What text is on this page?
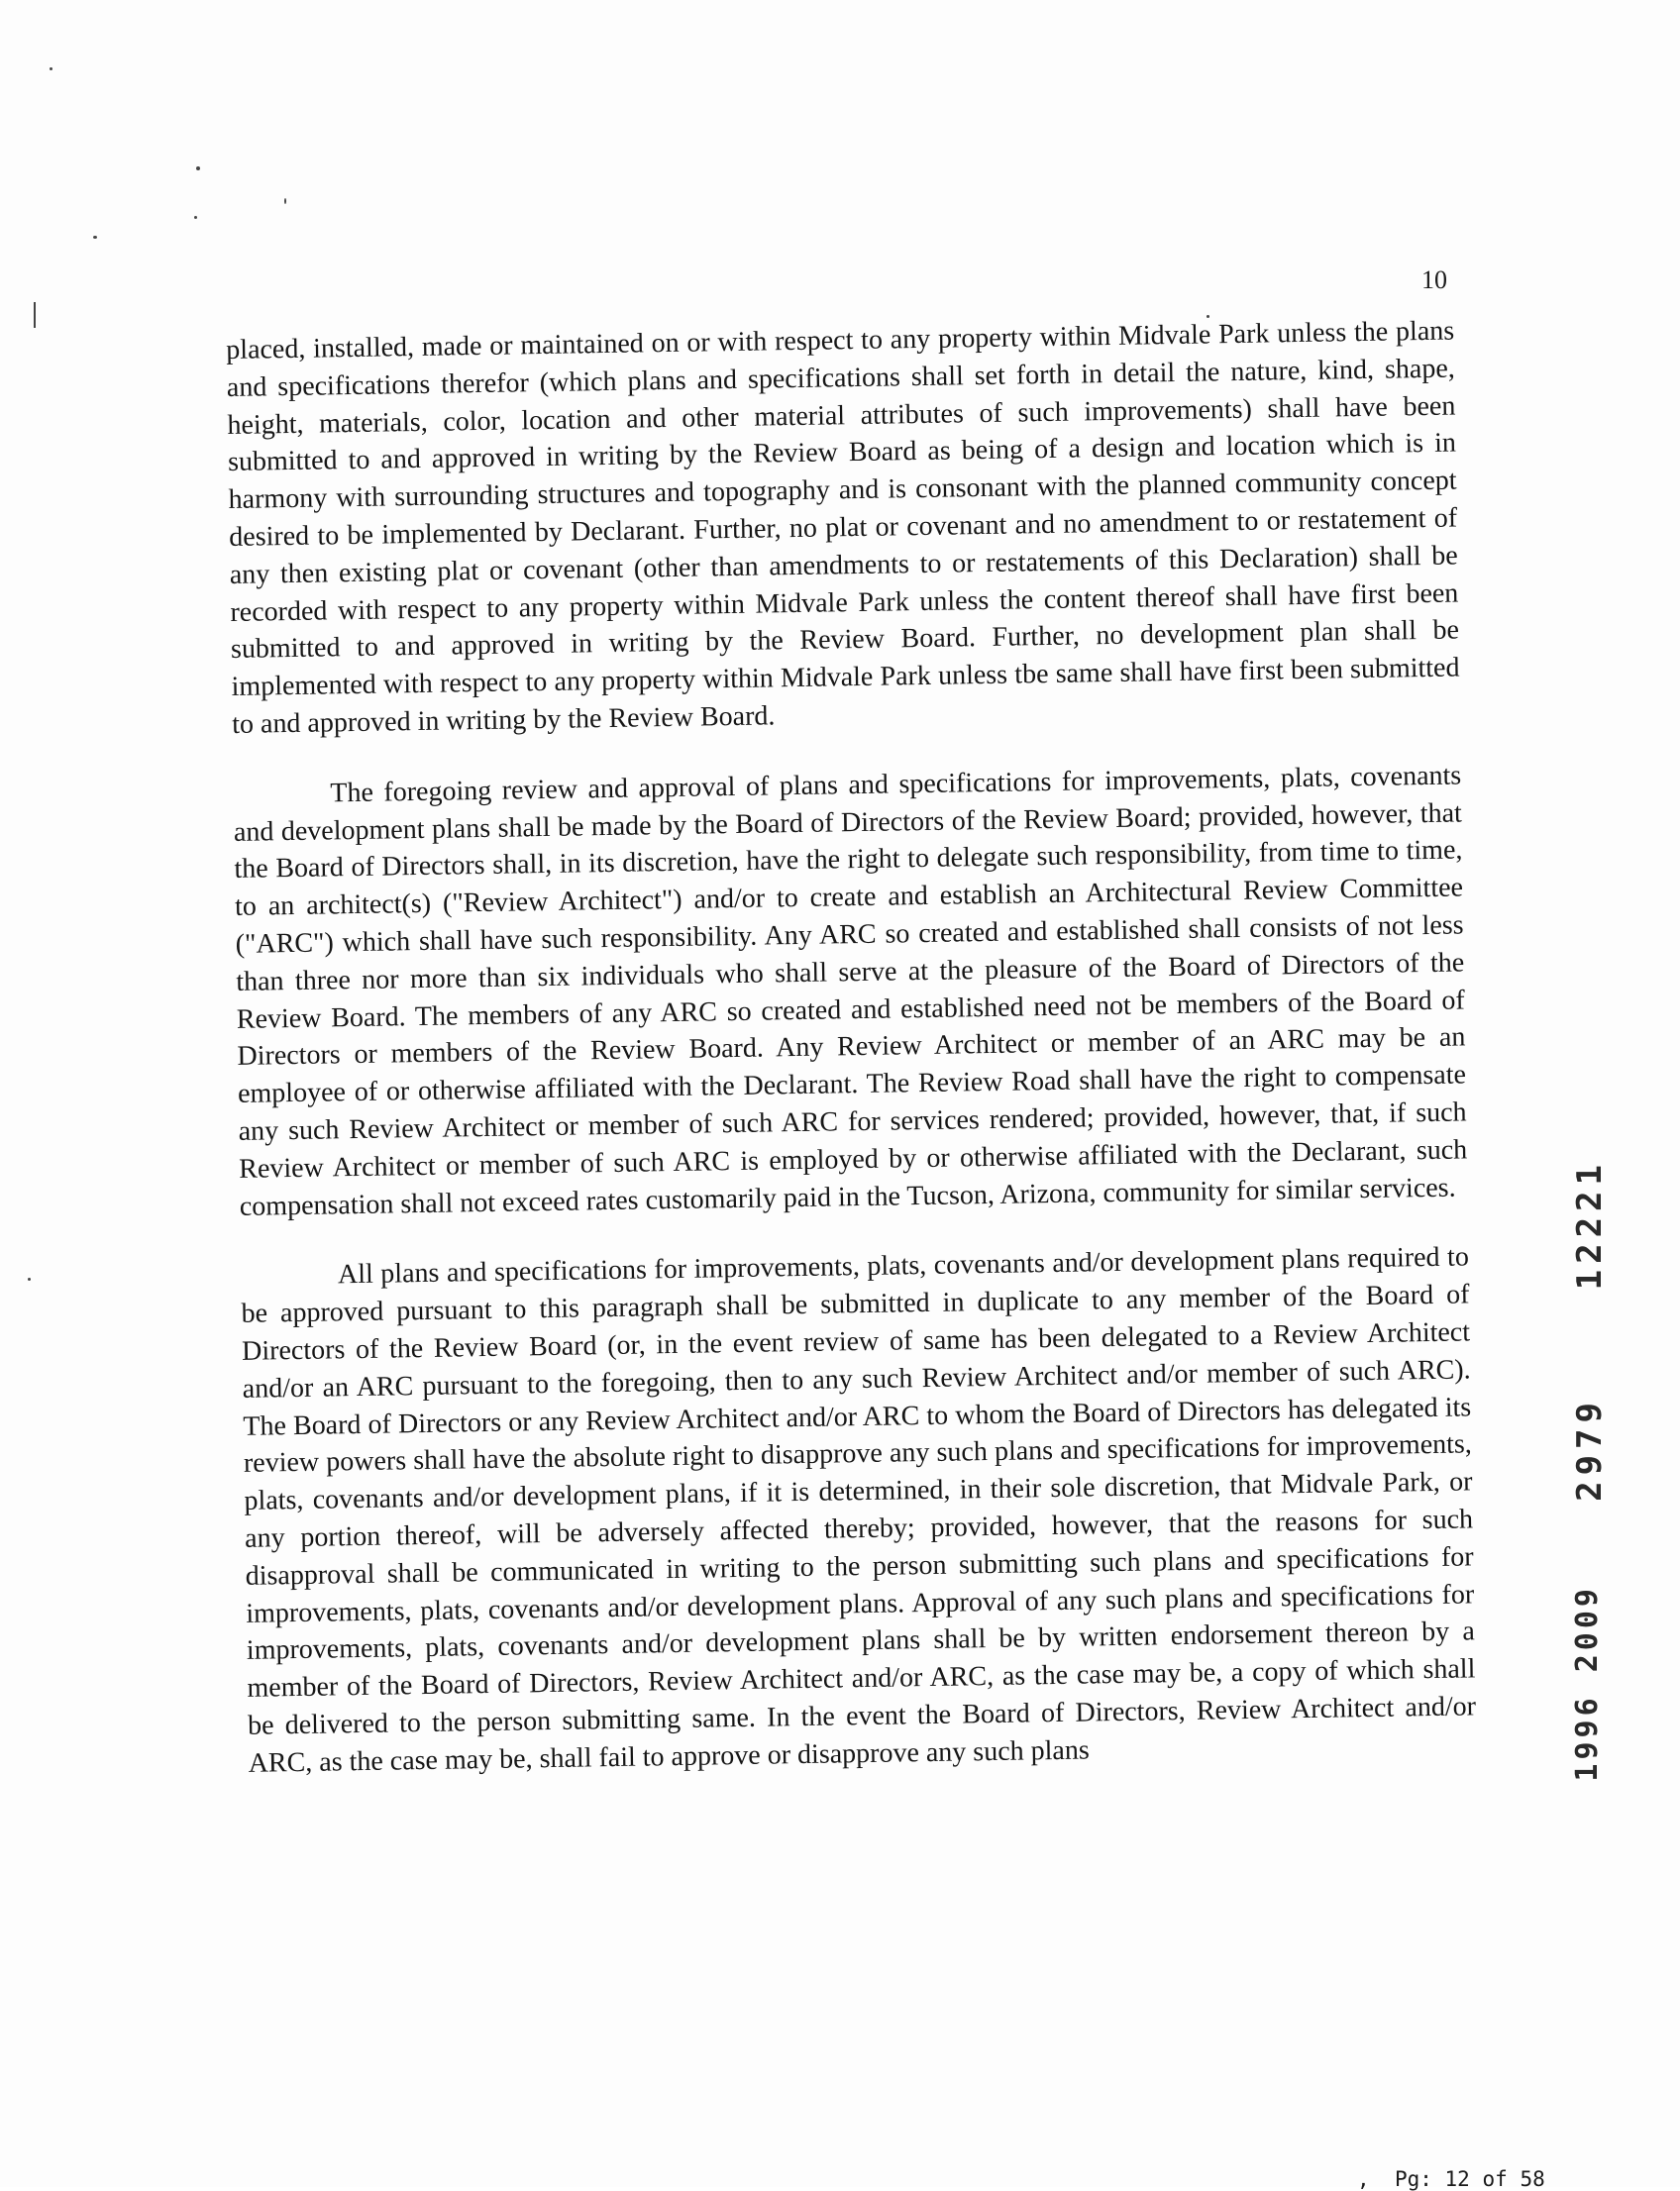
10

placed, installed, made or maintained on or with respect to any property within Midvale Park unless the plans and specifications therefor (which plans and specifications shall set forth in detail the nature, kind, shape, height, materials, color, location and other material attributes of such improvements) shall have been submitted to and approved in writing by the Review Board as being of a design and location which is in harmony with surrounding structures and topography and is consonant with the planned community concept desired to be implemented by Declarant. Further, no plat or covenant and no amendment to or restatement of any then existing plat or covenant (other than amendments to or restatements of this Declaration) shall be recorded with respect to any property within Midvale Park unless the content thereof shall have first been submitted to and approved in writing by the Review Board. Further, no development plan shall be implemented with respect to any property within Midvale Park unless tbe same shall have first been submitted to and approved in writing by the Review Board.

The foregoing review and approval of plans and specifications for improvements, plats, covenants and development plans shall be made by the Board of Directors of the Review Board; provided, however, that the Board of Directors shall, in its discretion, have the right to delegate such responsibility, from time to time, to an architect(s) ("Review Architect") and/or to create and establish an Architectural Review Committee ("ARC") which shall have such responsibility. Any ARC so created and established shall consists of not less than three nor more than six individuals who shall serve at the pleasure of the Board of Directors of the Review Board. The members of any ARC so created and established need not be members of the Board of Directors or members of the Review Board. Any Review Architect or member of an ARC may be an employee of or otherwise affiliated with the Declarant. The Review Road shall have the right to compensate any such Review Architect or member of such ARC for services rendered; provided, however, that, if such Review Architect or member of such ARC is employed by or otherwise affiliated with the Declarant, such compensation shall not exceed rates customarily paid in the Tucson, Arizona, community for similar services.

All plans and specifications for improvements, plats, covenants and/or development plans required to be approved pursuant to this paragraph shall be submitted in duplicate to any member of the Board of Directors of the Review Board (or, in the event review of same has been delegated to a Review Architect and/or an ARC pursuant to the foregoing, then to any such Review Architect and/or member of such ARC). The Board of Directors or any Review Architect and/or ARC to whom the Board of Directors has delegated its review powers shall have the absolute right to disapprove any such plans and specifications for improvements, plats, covenants and/or development plans, if it is determined, in their sole discretion, that Midvale Park, or any portion thereof, will be adversely affected thereby; provided, however, that the reasons for such disapproval shall be communicated in writing to the person submitting such plans and specifications for improvements, plats, covenants and/or development plans. Approval of any such plans and specifications for improvements, plats, covenants and/or development plans shall be by written endorsement thereon by a member of the Board of Directors, Review Architect and/or ARC, as the case may be, a copy of which shall be delivered to the person submitting same. In the event the Board of Directors, Review Architect and/or ARC, as the case may be, shall fail to approve or disapprove any such plans

12221
2979
1996 2009
,  Pg: 12 of 58
